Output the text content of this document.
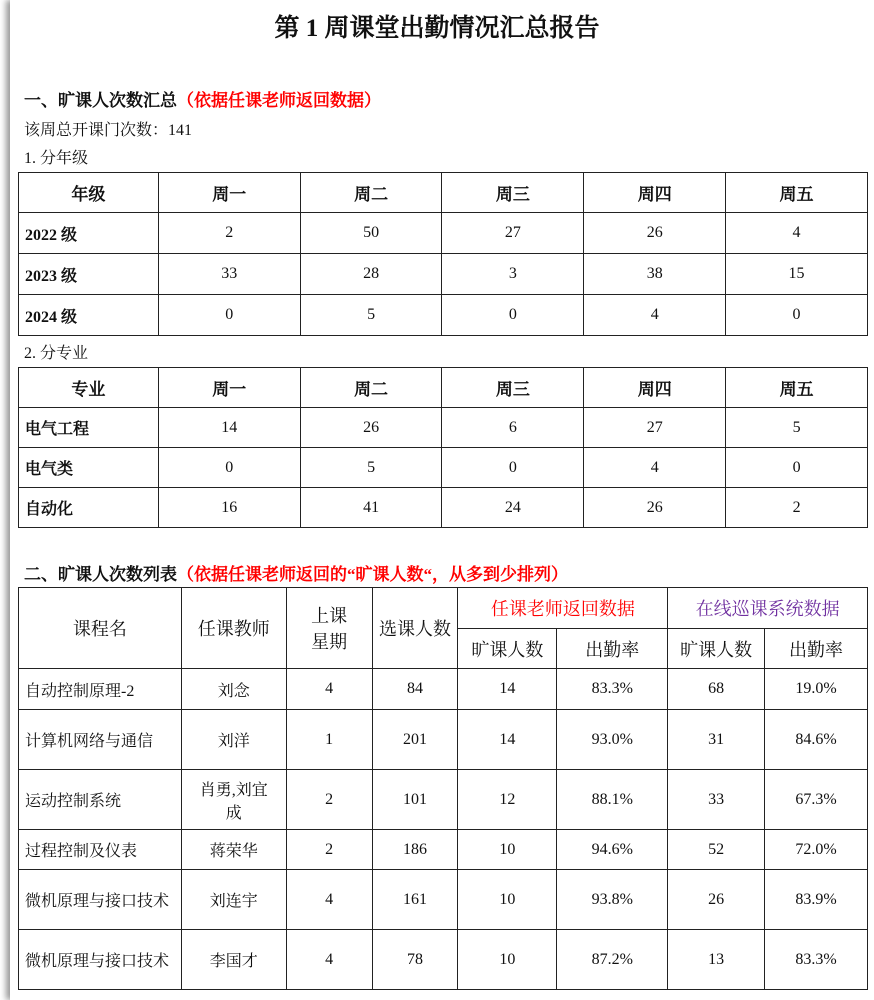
第 1 周课堂出勤情况汇总报告
一、旷课人次数汇总（依据任课老师返回数据）
该周总开课门次数：141
1. 分年级
年级	周一	周二	周三	周四	周五
2022 级	2	50	27	26	4
2023 级	33	28	3	38	15
2024 级	0	5	0	4	0
2. 分专业
专业	周一	周二	周三	周四	周五
电气工程	14	26	6	27	5
电气类	0	5	0	4	0
自动化	16	41	24	26	2
二、旷课人次数列表（依据任课老师返回的“旷课人数“，从多到少排列）
课程名	任课教师	上课星期	选课人数	任课老师返回数据		在线巡课系统数据	
				旷课人数	出勤率	旷课人数	出勤率
自动控制原理-2	刘念	4	84	14	83.3%	68	19.0%
计算机网络与通信	刘洋	1	201	14	93.0%	31	84.6%
运动控制系统	肖勇,刘宜成	2	101	12	88.1%	33	67.3%
过程控制及仪表	蒋荣华	2	186	10	94.6%	52	72.0%
微机原理与接口技术	刘连宇	4	161	10	93.8%	26	83.9%
微机原理与接口技术	李国才	4	78	10	87.2%	13	83.3%
